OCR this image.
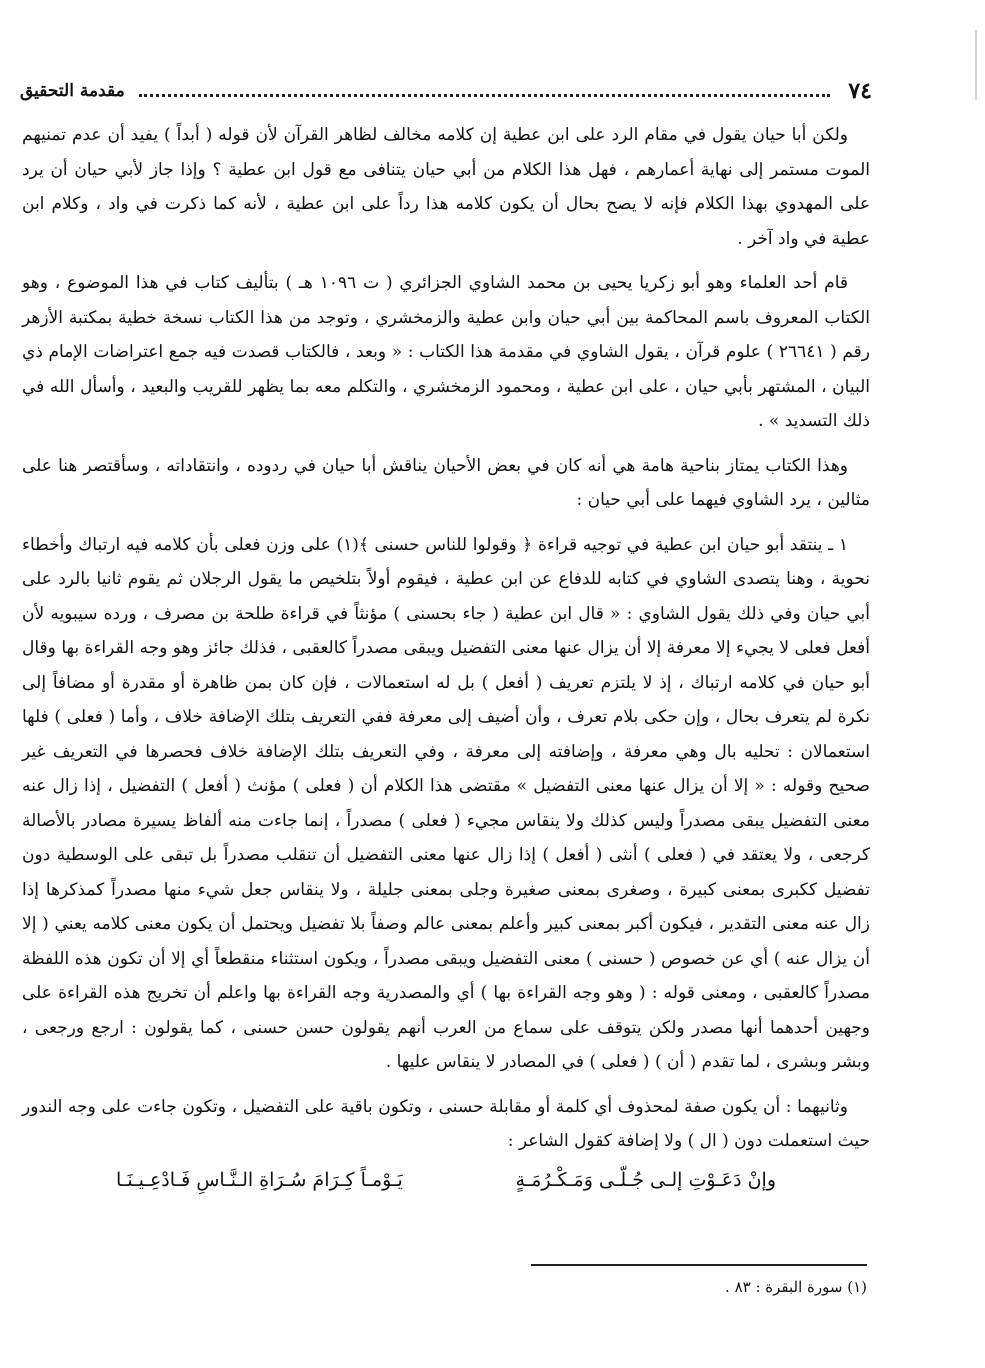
٧٤
مقدمة التحقيق

ولكن أبا حيان يقول في مقام الرد على ابن عطية إن كلامه مخالف لظاهر القرآن لأن قوله ( أبداً ) يفيد أن عدم تمنيهم الموت مستمر إلى نهاية أعمارهم ، فهل هذا الكلام من أبي حيان يتنافى مع قول ابن عطية ؟ وإذا جاز لأبي حيان أن يرد على المهدوي بهذا الكلام فإنه لا يصح بحال أن يكون كلامه هذا رداً على ابن عطية ، لأنه كما ذكرت في واد ، وكلام ابن عطية في واد آخر .

قام أحد العلماء وهو أبو زكريا يحيى بن محمد الشاوي الجزائري ( ت ١٠٩٦ هـ ) بتأليف كتاب في هذا الموضوع ، وهو الكتاب المعروف باسم المحاكمة بين أبي حيان وابن عطية والزمخشري ، وتوجد من هذا الكتاب نسخة خطية بمكتبة الأزهر رقم ( ٢٦٦٤١ ) علوم قرآن ، يقول الشاوي في مقدمة هذا الكتاب : « وبعد ، فالكتاب قصدت فيه جمع اعتراضات الإمام ذي البيان ، المشتهر بأبي حيان ، على ابن عطية ، ومحمود الزمخشري ، والتكلم معه بما يظهر للقريب والبعيد ، وأسأل الله في ذلك التسديد » .

وهذا الكتاب يمتاز بناحية هامة هي أنه كان في بعض الأحيان يناقش أبا حيان في ردوده ، وانتقاداته ، وسأقتصر هنا على مثالين ، يرد الشاوي فيهما على أبي حيان :

١ ـ ينتقد أبو حيان ابن عطية في توجيه قراءة ﴿ وقولوا للناس حسنى ﴾(١) على وزن فعلى بأن كلامه فيه ارتباك وأخطاء نحوية ، وهنا يتصدى الشاوي في كتابه للدفاع عن ابن عطية ، فيقوم أولاً بتلخيص ما يقول الرجلان ثم يقوم ثانيا بالرد على أبي حيان وفي ذلك يقول الشاوي : « قال ابن عطية ( جاء بحسنى ) مؤنثاً في قراءة طلحة بن مصرف ، ورده سيبويه لأن أفعل فعلى لا يجيء إلا معرفة إلا أن يزال عنها معنى التفضيل ويبقى مصدراً كالعقبى ، فذلك جائز وهو وجه القراءة بها وقال أبو حيان في كلامه ارتباك ، إذ لا يلتزم تعريف ( أفعل ) بل له استعمالات ، فإن كان بمن ظاهرة أو مقدرة أو مضافاً إلى نكرة لم يتعرف بحال ، وإن حكى بلام تعرف ، وأن أضيف إلى معرفة ففي التعريف بتلك الإضافة خلاف ، وأما ( فعلى ) فلها استعمالان : تحليه بال وهي معرفة ، وإضافته إلى معرفة ، وفي التعريف بتلك الإضافة خلاف فحصرها في التعريف غير صحيح وقوله : « إلا أن يزال عنها معنى التفضيل » مقتضى هذا الكلام أن ( فعلى ) مؤنث ( أفعل ) التفضيل ، إذا زال عنه معنى التفضيل يبقى مصدراً وليس كذلك ولا ينقاس مجيء ( فعلى ) مصدراً ، إنما جاءت منه ألفاظ يسيرة مصادر بالأصالة كرجعى ، ولا يعتقد في ( فعلى ) أنثى ( أفعل ) إذا زال عنها معنى التفضيل أن تنقلب مصدراً بل تبقى على الوسطية دون تفضيل ككبرى بمعنى كبيرة ، وصغرى بمعنى صغيرة وجلى بمعنى جليلة ، ولا ينقاس جعل شيء منها مصدراً كمذكرها إذا زال عنه معنى التقدير ، فيكون أكبر بمعنى كبير وأعلم بمعنى عالم وصفاً بلا تفضيل ويحتمل أن يكون معنى كلامه يعني ( إلا أن يزال عنه ) أي عن خصوص ( حسنى ) معنى التفضيل ويبقى مصدراً ، ويكون استثناء منقطعاً أي إلا أن تكون هذه اللفظة مصدراً كالعقبى ، ومعنى قوله : ( وهو وجه القراءة بها ) أي والمصدرية وجه القراءة بها واعلم أن تخريج هذه القراءة على وجهين أحدهما أنها مصدر ولكن يتوقف على سماع من العرب أنهم يقولون حسن حسنى ، كما يقولون : ارجع ورجعى ، وبشر وبشرى ، لما تقدم ( أن ) ( فعلى ) في المصادر لا ينقاس عليها .

وثانيهما : أن يكون صفة لمحذوف أي كلمة أو مقابلة حسنى ، وتكون باقية على التفضيل ، وتكون جاءت على وجه الندور حيث استعملت دون ( ال ) ولا إضافة كقول الشاعر :

وإنْ دَعَـوْتِ إلـى جُـلّـى وَمَـكْـرُمَـةٍ
يَـوْمـاً كِـرَامَ سُـرَاةِ الـنَّـاسِ فَـادْعِـيـنَـا
(١) سورة البقرة : ٨٣ .
